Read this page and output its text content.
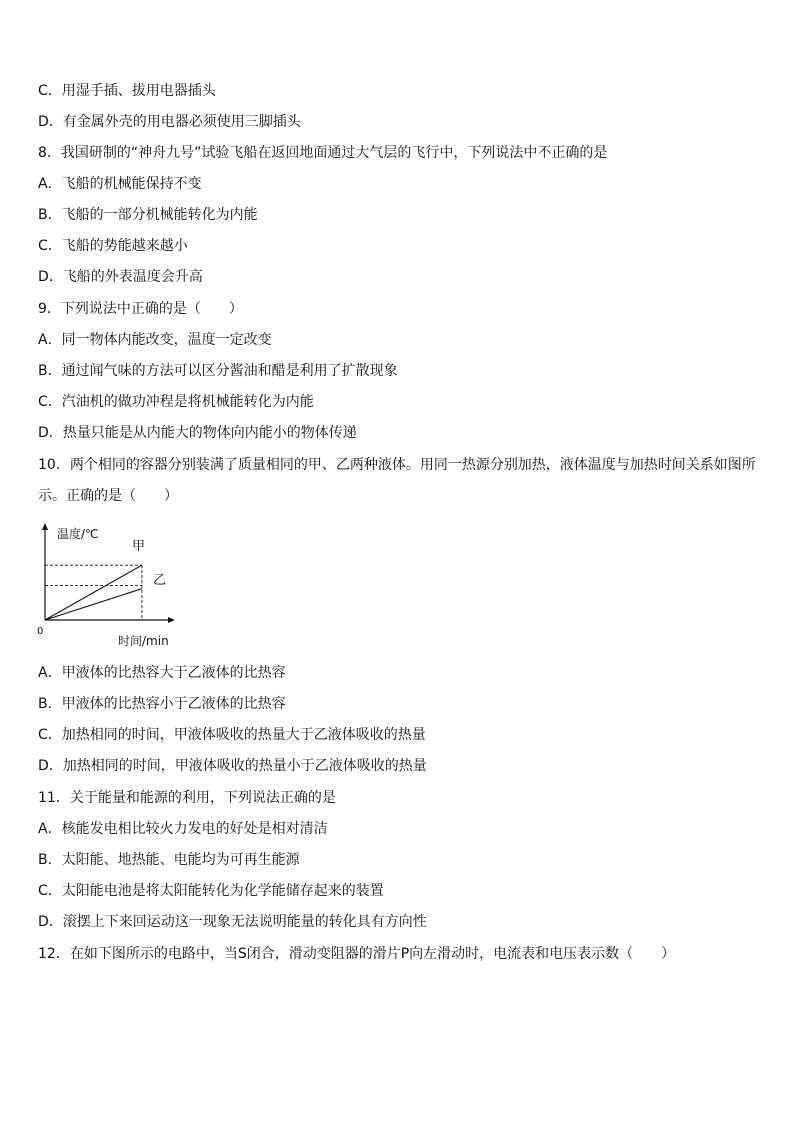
C．用湿手插、拔用电器插头
D．有金属外壳的用电器必须使用三脚插头
8．我国研制的“神舟九号”试验飞船在返回地面通过大气层的飞行中，下列说法中不正确的是
A．飞船的机械能保持不变
B．飞船的一部分机械能转化为内能
C．飞船的势能越来越小
D．飞船的外表温度会升高
9．下列说法中正确的是（　　）
A．同一物体内能改变，温度一定改变
B．通过闻气味的方法可以区分酱油和醋是利用了扩散现象
C．汽油机的做功冲程是将机械能转化为内能
D．热量只能是从内能大的物体向内能小的物体传递
10．两个相同的容器分别装满了质量相同的甲、乙两种液体。用同一热源分别加热，液体温度与加热时间关系如图所
示。正确的是（　　）
A．甲液体的比热容大于乙液体的比热容
B．甲液体的比热容小于乙液体的比热容
C．加热相同的时间，甲液体吸收的热量大于乙液体吸收的热量
D．加热相同的时间，甲液体吸收的热量小于乙液体吸收的热量
11．关于能量和能源的利用，下列说法正确的是
A．核能发电相比较火力发电的好处是相对清洁
B．太阳能、地热能、电能均为可再生能源
C．太阳能电池是将太阳能转化为化学能储存起来的装置
D．滚摆上下来回运动这一现象无法说明能量的转化具有方向性
12．在如下图所示的电路中，当S闭合，滑动变阻器的滑片P向左滑动时，电流表和电压表示数（　　）
温度/℃
时间/min
0
甲
乙
